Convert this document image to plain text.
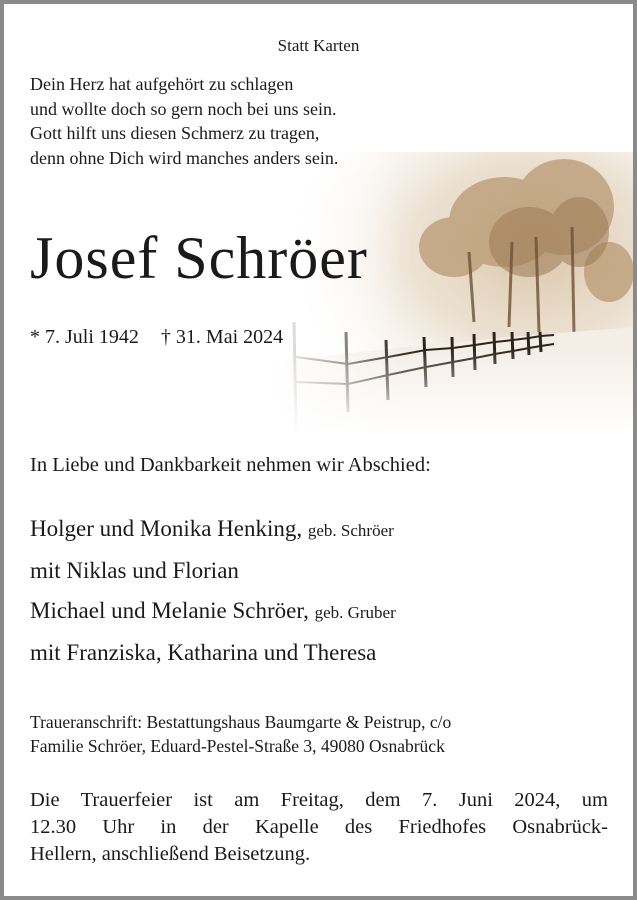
Statt Karten
Dein Herz hat aufgehört zu schlagen
und wollte doch so gern noch bei uns sein.
Gott hilft uns diesen Schmerz zu tragen,
denn ohne Dich wird manches anders sein.
Josef Schröer
* 7. Juli 1942 † 31. Mai 2024
In Liebe und Dankbarkeit nehmen wir Abschied:
Holger und Monika Henking, geb. Schröer
mit Niklas und Florian
Michael und Melanie Schröer, geb. Gruber
mit Franziska, Katharina und Theresa
Traueranschrift: Bestattungshaus Baumgarte & Peistrup, c/o
Familie Schröer, Eduard-Pestel-Straße 3, 49080 Osnabrück
Die Trauerfeier ist am Freitag, dem 7. Juni 2024, um
12.30 Uhr in der Kapelle des Friedhofes Osnabrück-
Hellern, anschließend Beisetzung.
